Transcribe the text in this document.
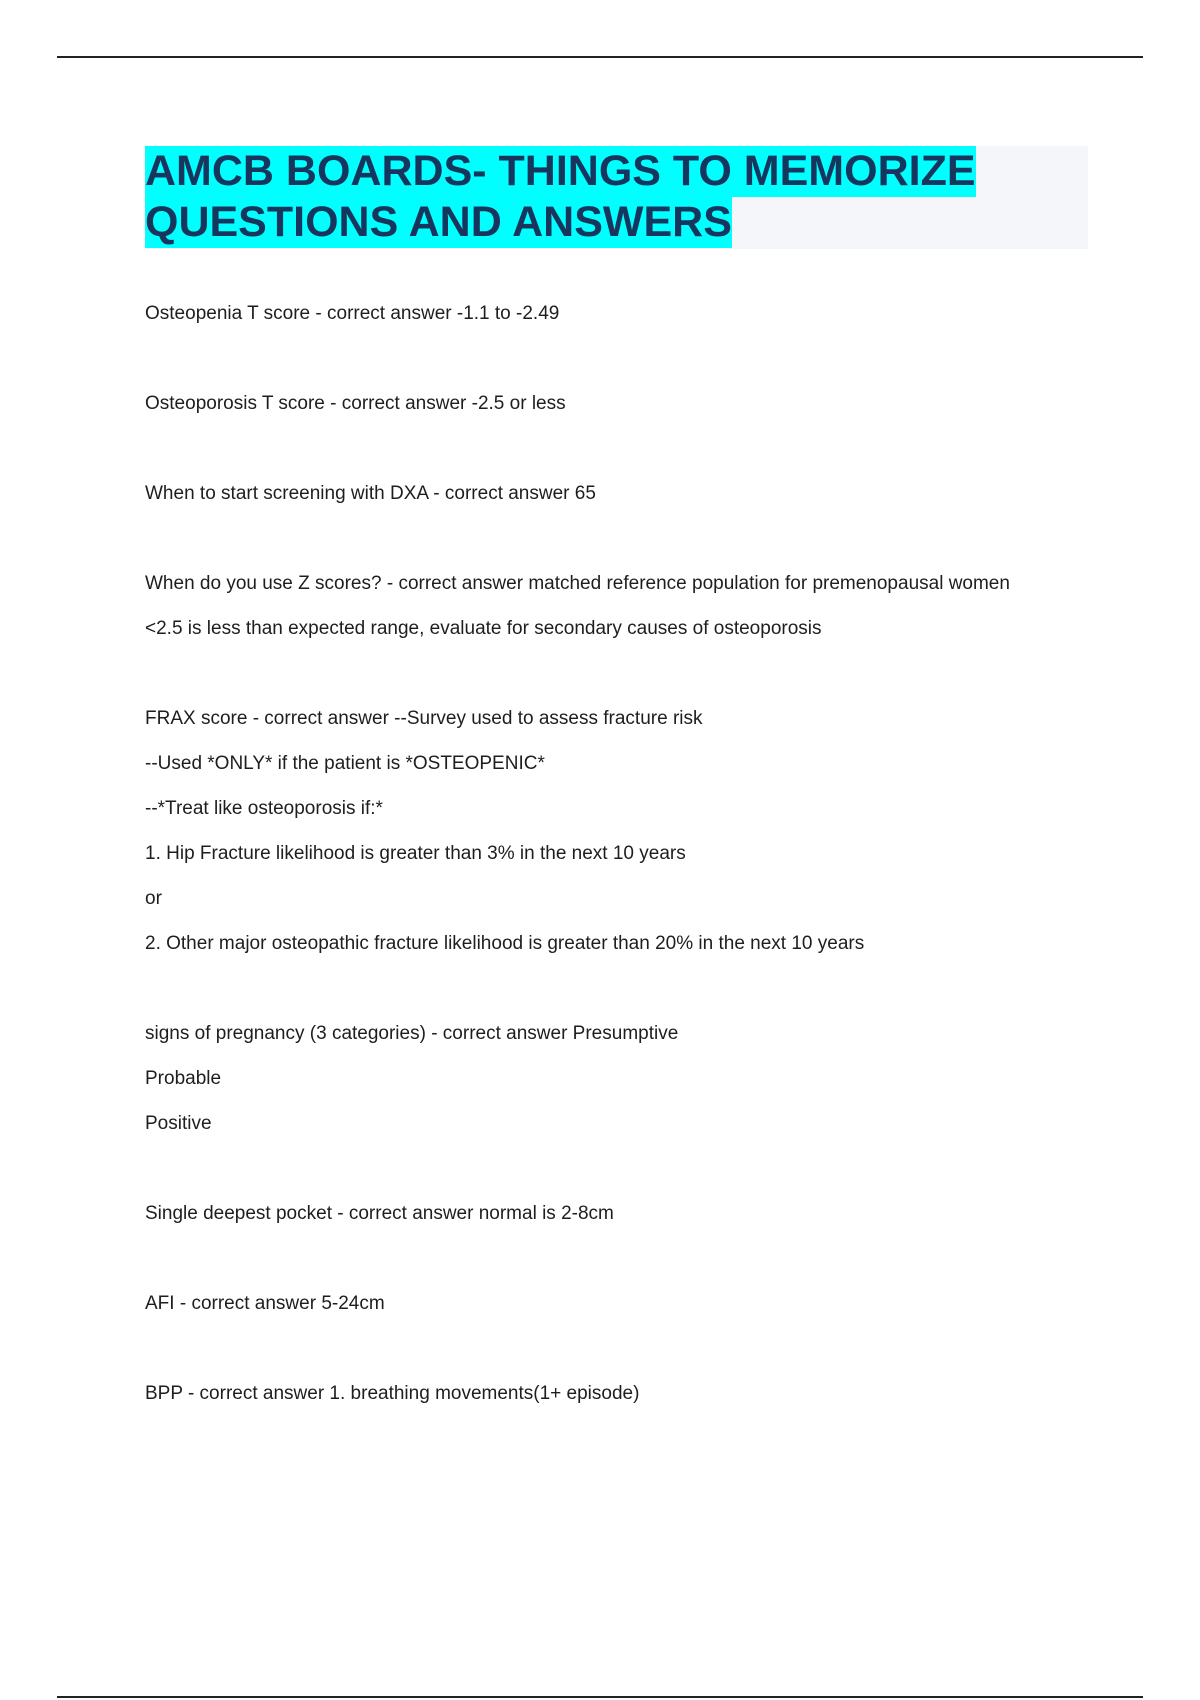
AMCB BOARDS- THINGS TO MEMORIZE
QUESTIONS AND ANSWERS
Osteopenia T score - correct answer -1.1 to -2.49
Osteoporosis T score - correct answer -2.5 or less
When to start screening with DXA - correct answer 65
When do you use Z scores? - correct answer matched reference population for premenopausal women
<2.5 is less than expected range, evaluate for secondary causes of osteoporosis
FRAX score - correct answer --Survey used to assess fracture risk
--Used *ONLY* if the patient is *OSTEOPENIC*
--*Treat like osteoporosis if:*
1. Hip Fracture likelihood is greater than 3% in the next 10 years
or
2. Other major osteopathic fracture likelihood is greater than 20% in the next 10 years
signs of pregnancy (3 categories) - correct answer Presumptive
Probable
Positive
Single deepest pocket - correct answer normal is 2-8cm
AFI - correct answer 5-24cm
BPP - correct answer 1. breathing movements(1+ episode)
